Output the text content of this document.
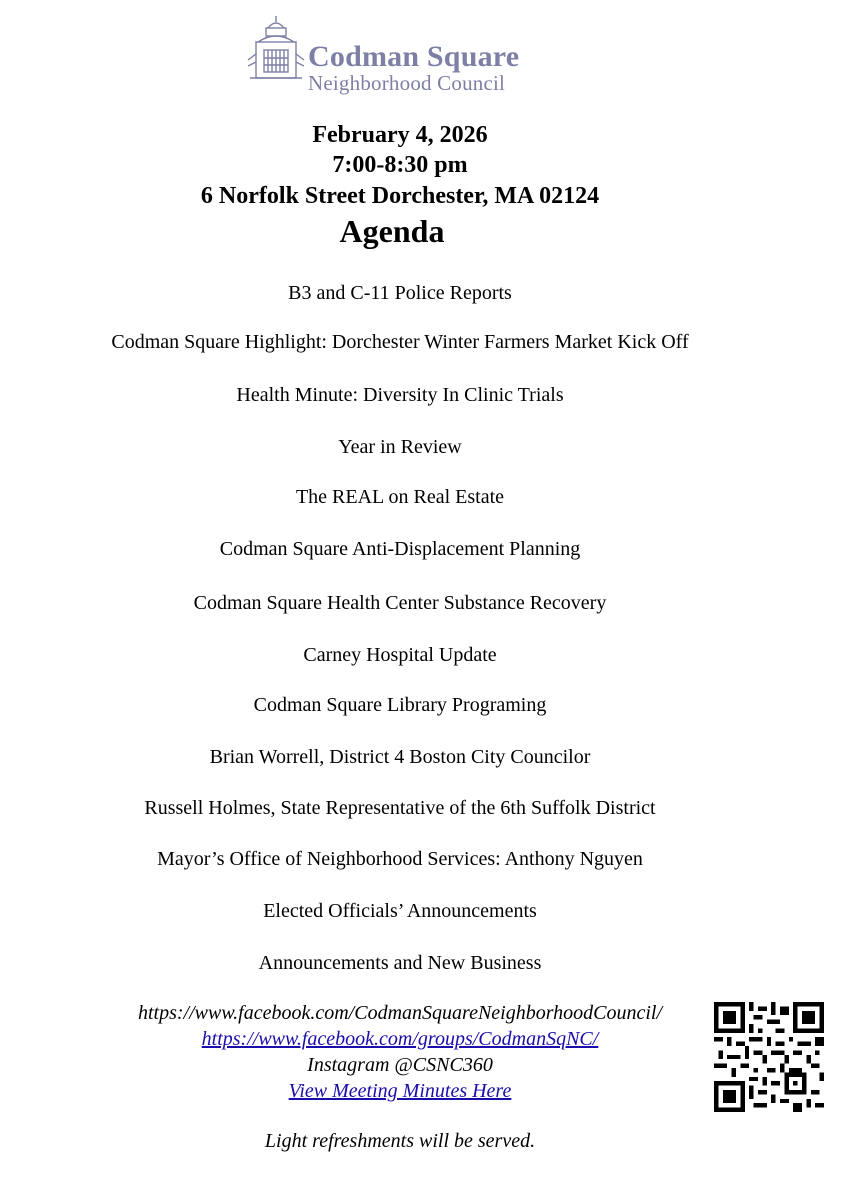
Codman Square
Neighborhood Council
February 4, 2026
7:00-8:30 pm
6 Norfolk Street Dorchester, MA 02124
Agenda
B3 and C-11 Police Reports
Codman Square Highlight: Dorchester Winter Farmers Market Kick Off
Health Minute: Diversity In Clinic Trials
Year in Review
The REAL on Real Estate
Codman Square Anti-Displacement Planning
Codman Square Health Center Substance Recovery
Carney Hospital Update
Codman Square Library Programing
Brian Worrell, District 4 Boston City Councilor
Russell Holmes, State Representative of the 6th Suffolk District
Mayor’s Office of Neighborhood Services: Anthony Nguyen
Elected Officials’ Announcements
Announcements and New Business
https://www.facebook.com/CodmanSquareNeighborhoodCouncil/
https://www.facebook.com/groups/CodmanSqNC/
Instagram @CSNC360
View Meeting Minutes Here
Light refreshments will be served.
